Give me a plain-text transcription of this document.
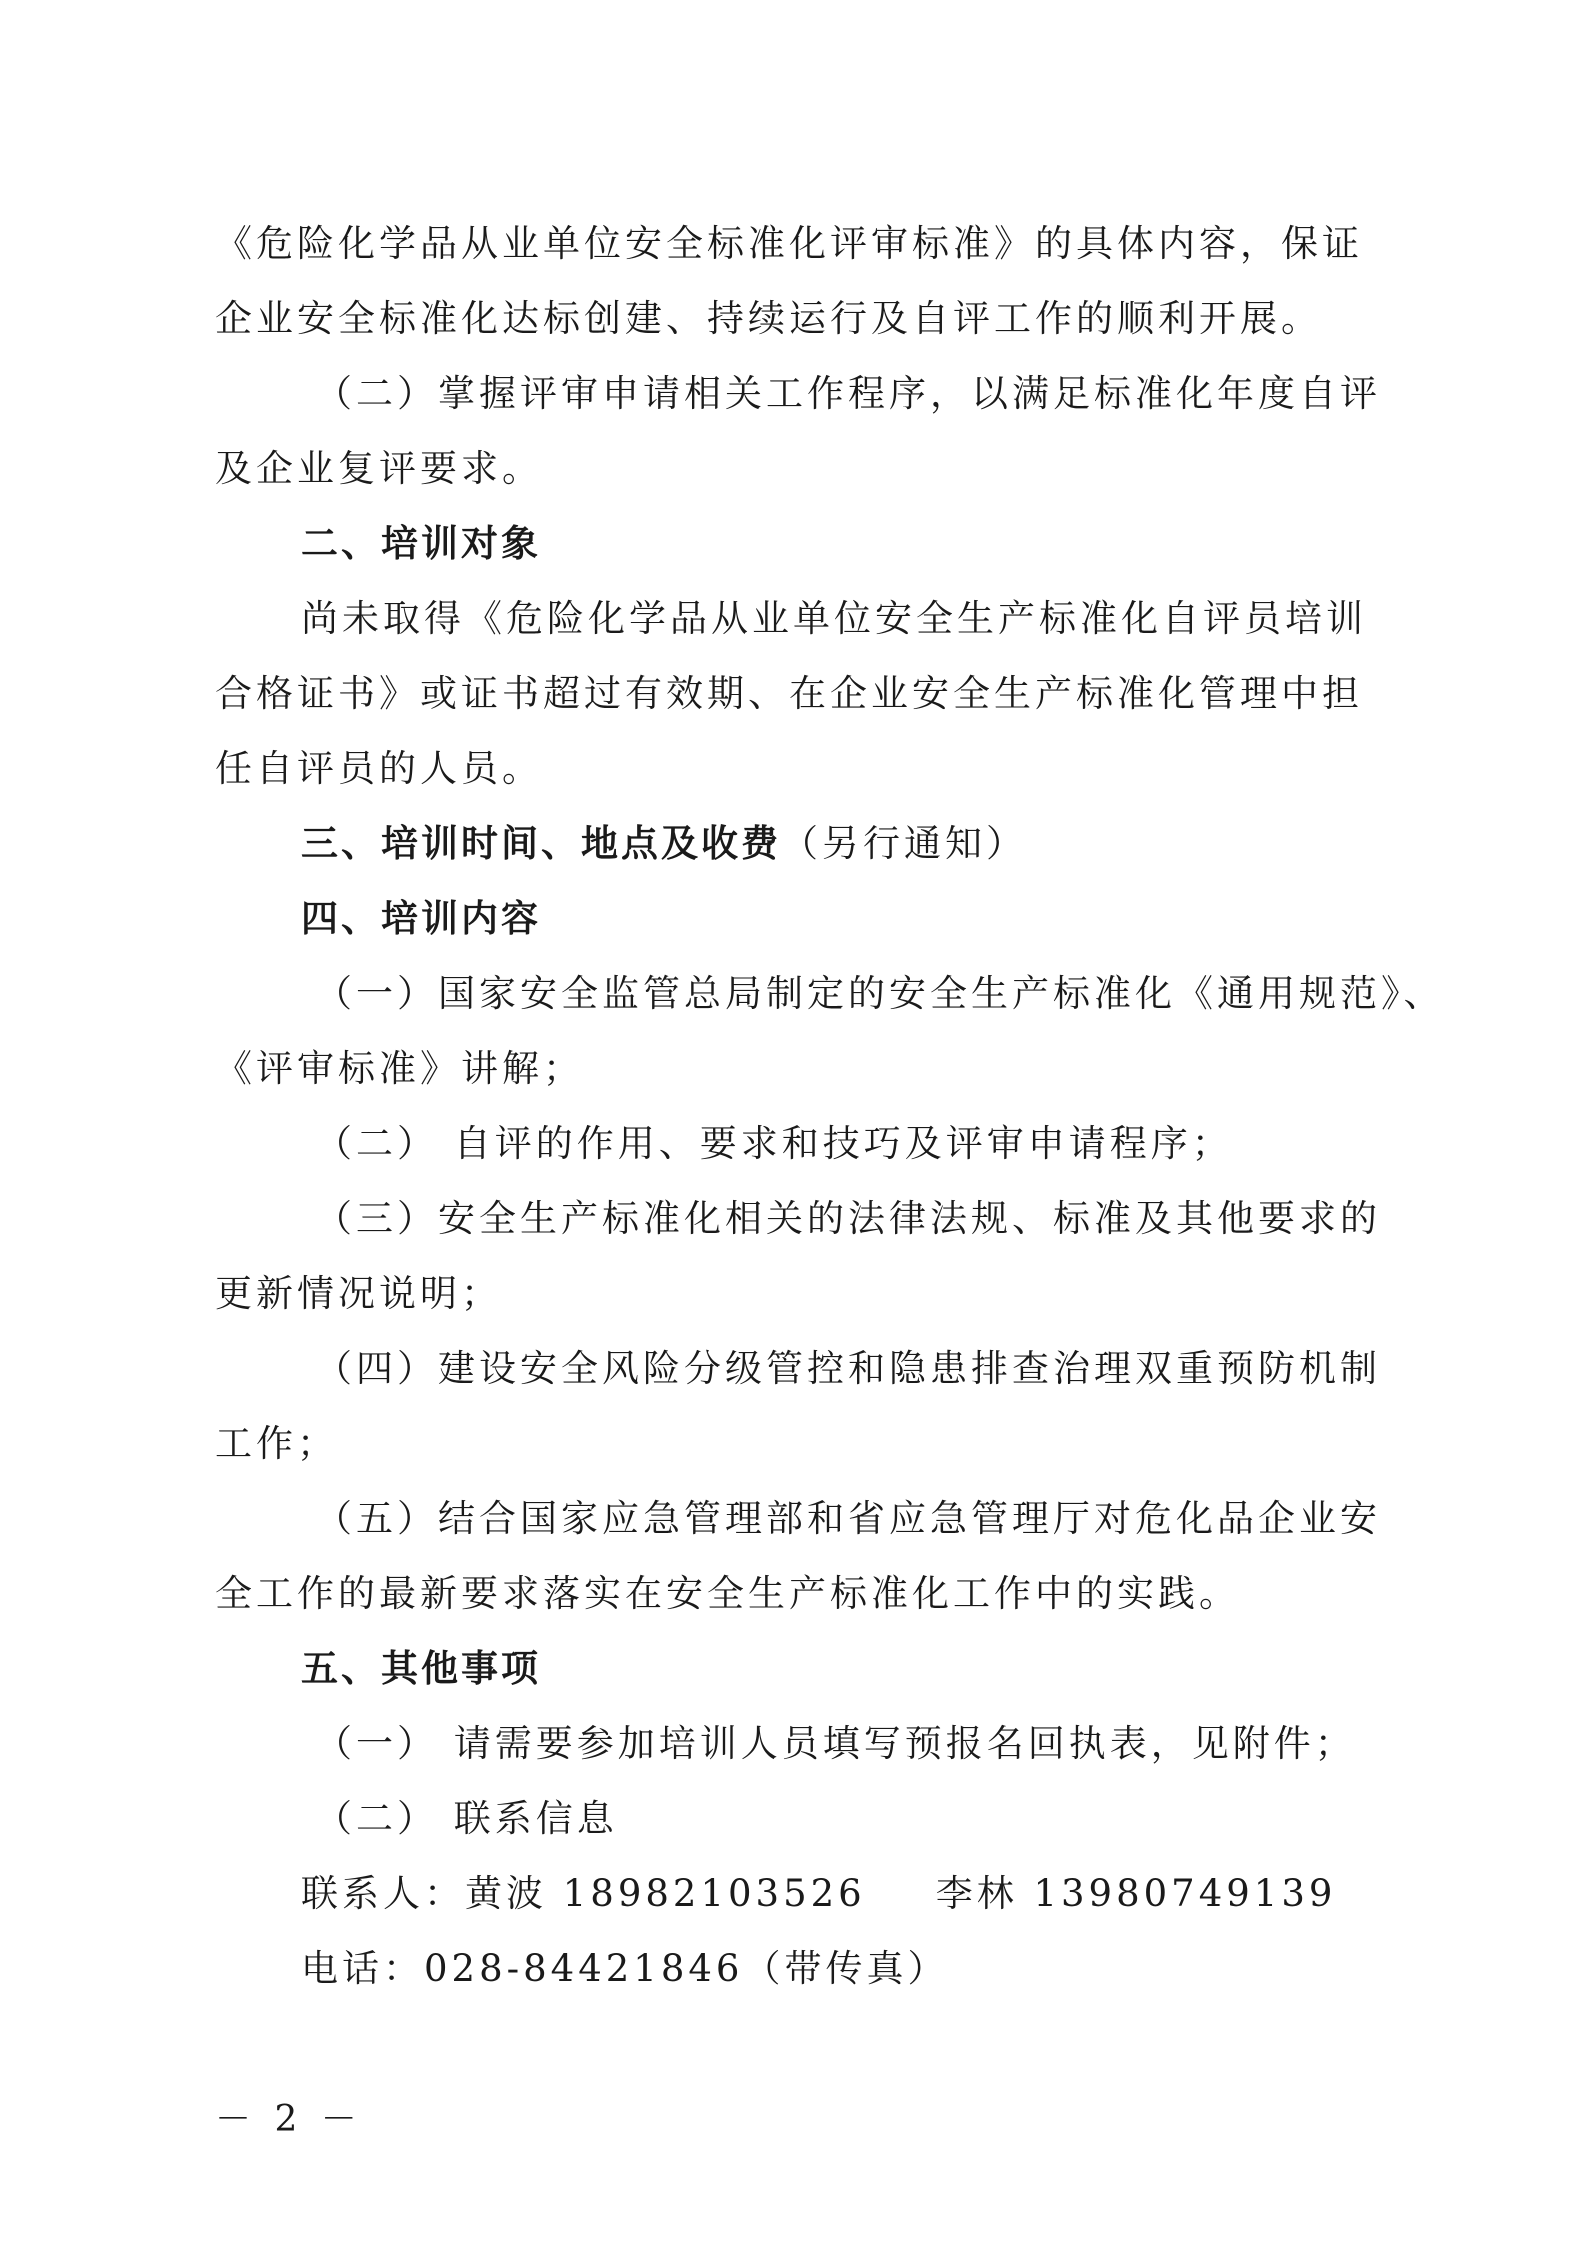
《危险化学品从业单位安全标准化评审标准》的具体内容，保证

企业安全标准化达标创建、持续运行及自评工作的顺利开展。

（二）掌握评审申请相关工作程序，以满足标准化年度自评

及企业复评要求。

二、培训对象

尚未取得《危险化学品从业单位安全生产标准化自评员培训

合格证书》或证书超过有效期、在企业安全生产标准化管理中担

任自评员的人员。

三、培训时间、地点及收费（另行通知）

四、培训内容

（一）国家安全监管总局制定的安全生产标准化《通用规范》、

《评审标准》讲解；

（二） 自评的作用、要求和技巧及评审申请程序；

（三）安全生产标准化相关的法律法规、标准及其他要求的

更新情况说明；

（四）建设安全风险分级管控和隐患排查治理双重预防机制

工作；

（五）结合国家应急管理部和省应急管理厅对危化品企业安

全工作的最新要求落实在安全生产标准化工作中的实践。

五、其他事项

（一） 请需要参加培训人员填写预报名回执表，见附件；

（二） 联系信息

联系人：黄波 18982103526 李林 13980749139

电话：028-84421846（带传真）

－ 2 －
